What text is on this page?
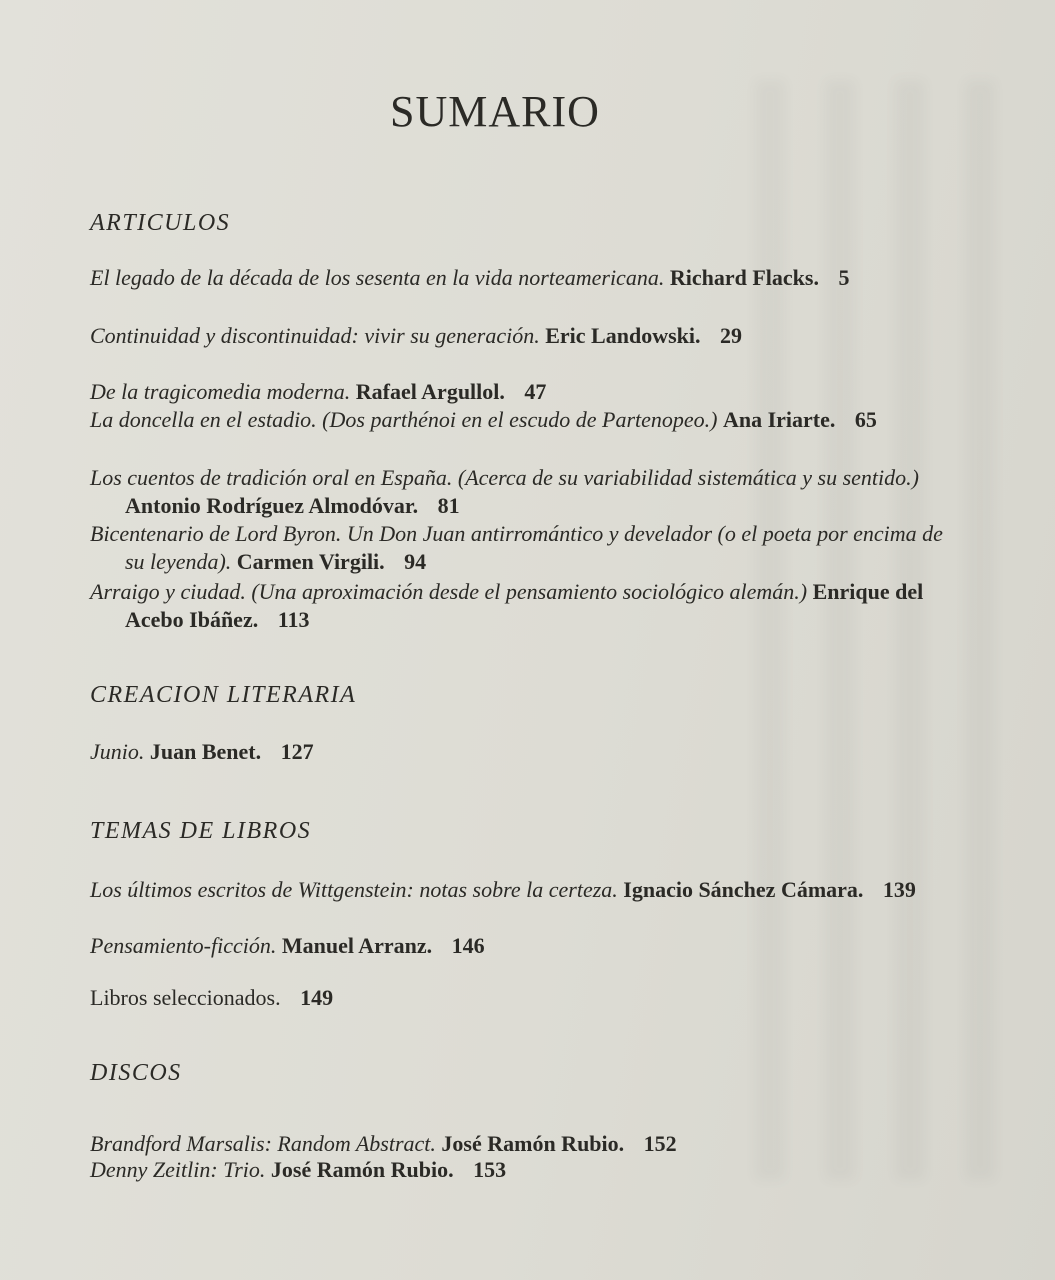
SUMARIO
ARTICULOS
El legado de la década de los sesenta en la vida norteamericana. Richard Flacks. 5
Continuidad y discontinuidad: vivir su generación. Eric Landowski. 29
De la tragicomedia moderna. Rafael Argullol. 47
La doncella en el estadio. (Dos parthénoi en el escudo de Partenopeo.) Ana Iriarte. 65
Los cuentos de tradición oral en España. (Acerca de su variabilidad sistemática y su sentido.) Antonio Rodríguez Almodóvar. 81
Bicentenario de Lord Byron. Un Don Juan antirromántico y develador (o el poeta por encima de su leyenda). Carmen Virgili. 94
Arraigo y ciudad. (Una aproximación desde el pensamiento sociológico alemán.) Enrique del Acebo Ibáñez. 113
CREACION LITERARIA
Junio. Juan Benet. 127
TEMAS DE LIBROS
Los últimos escritos de Wittgenstein: notas sobre la certeza. Ignacio Sánchez Cámara. 139
Pensamiento-ficción. Manuel Arranz. 146
Libros seleccionados. 149
DISCOS
Brandford Marsalis: Random Abstract. José Ramón Rubio. 152
Denny Zeitlin: Trio. José Ramón Rubio. 153
